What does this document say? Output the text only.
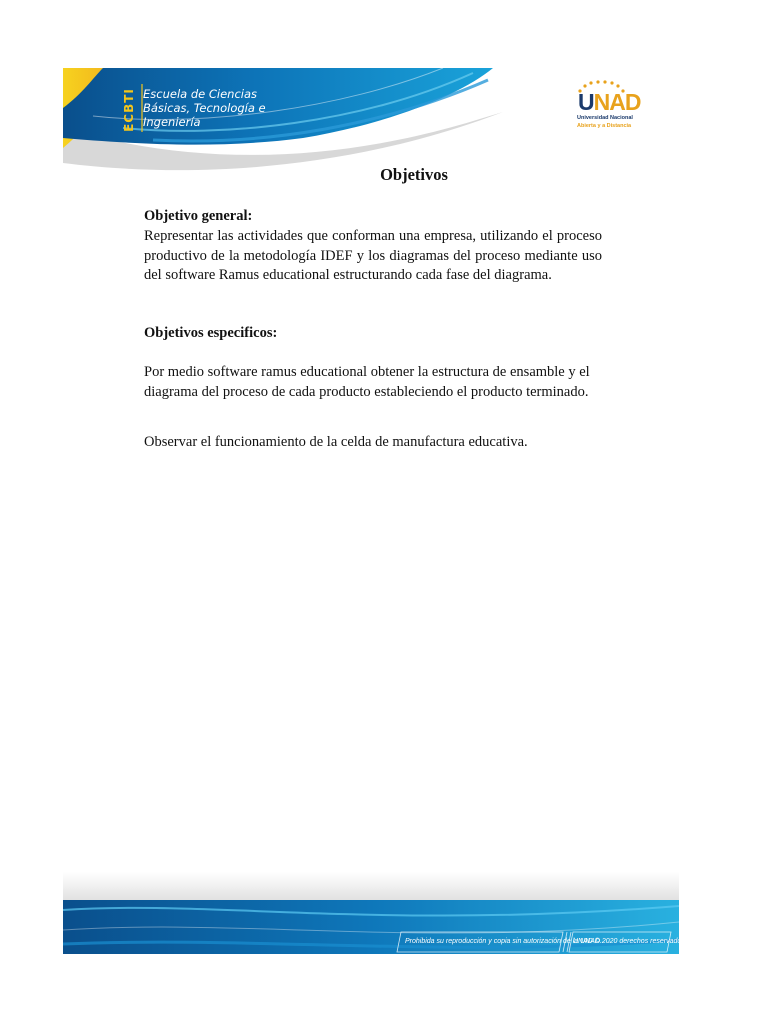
ECBTI Escuela de Ciencias
Básicas, Tecnología e
Ingeniería
UNAD
Universidad Nacional
Abierta y a Distancia
Objetivos
Objetivo general:

Representar las actividades que conforman una empresa, utilizando el proceso productivo de la metodología IDEF y los diagramas del proceso mediante uso del software Ramus educational estructurando cada fase del diagrama.

Objetivos especificos:

Por medio software ramus educational obtener la estructura de ensamble y el diagrama del proceso de cada producto estableciendo el producto terminado.

Observar el funcionamiento de la celda de manufactura educativa.

Prohibida su reproducción y copia sin autorización de la UNAD.
UNAD © 2020 derechos reservados.
